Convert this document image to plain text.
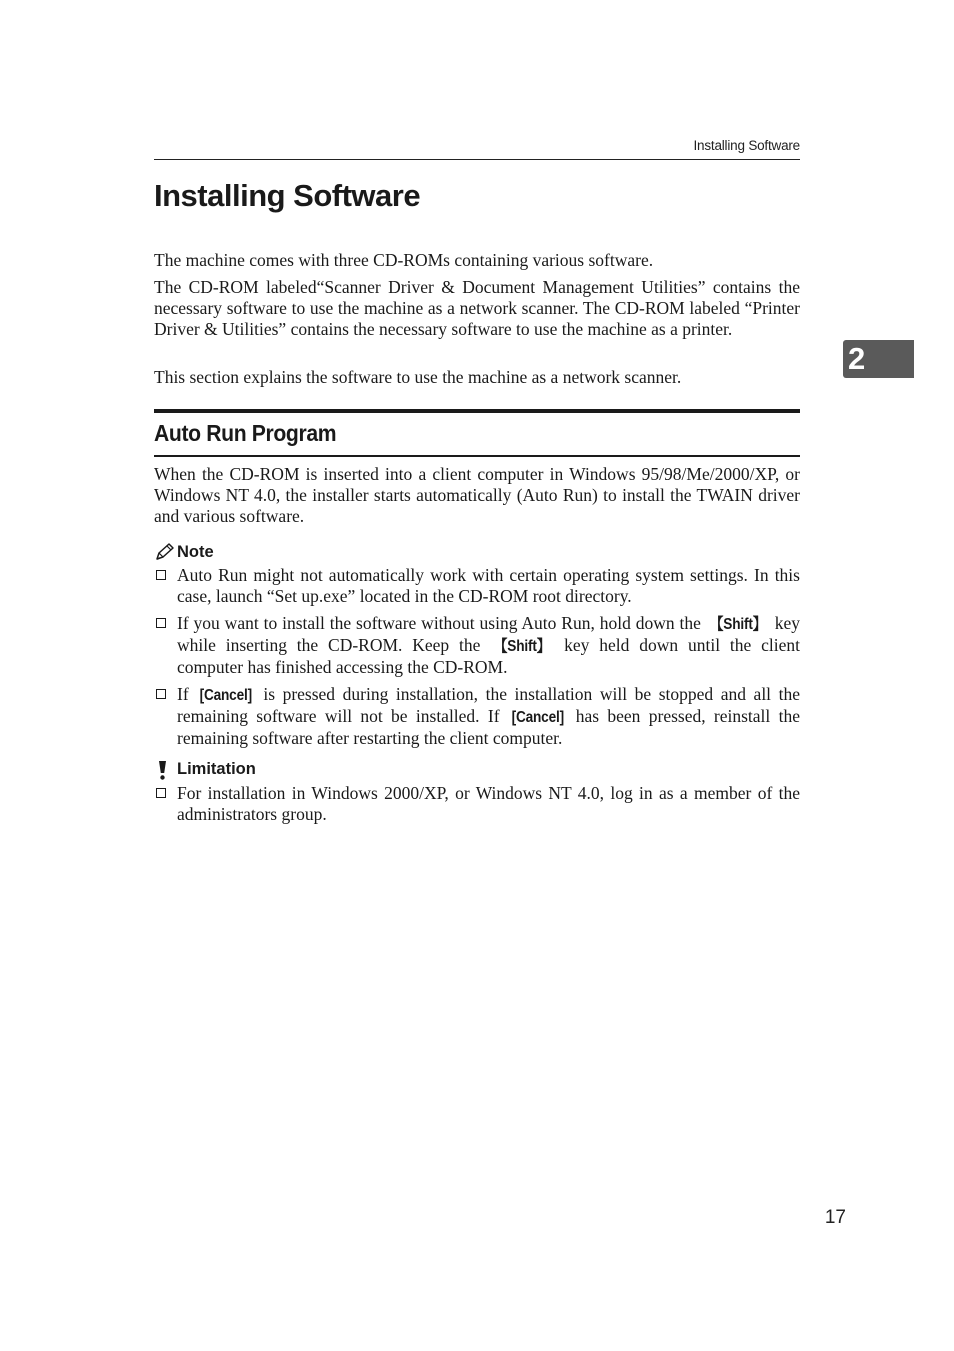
Installing Software
Installing Software
2

The machine comes with three CD-ROMs containing various software.

The CD-ROM labeled“Scanner Driver & Document Management Utilities” contains the necessary software to use the machine as a network scanner. The CD-ROM labeled “Printer Driver & Utilities” contains the necessary software to use the machine as a printer.

This section explains the software to use the machine as a network scanner.

Auto Run Program

When the CD-ROM is inserted into a client computer in Windows 95/98/Me/2000/XP, or Windows NT 4.0, the installer starts automatically (Auto Run) to install the TWAIN driver and various software.

Note
Auto Run might not automatically work with certain operating system settings. In this case, launch “Set up.exe” located in the CD-ROM root directory.
If you want to install the software without using Auto Run, hold down the 【Shift】 key while inserting the CD-ROM. Keep the 【Shift】 key held down until the client computer has finished accessing the CD-ROM.
If [Cancel] is pressed during installation, the installation will be stopped and all the remaining software will not be installed. If [Cancel] has been pressed, reinstall the remaining software after restarting the client computer.
Limitation
For installation in Windows 2000/XP, or Windows NT 4.0, log in as a member of the administrators group.
17
